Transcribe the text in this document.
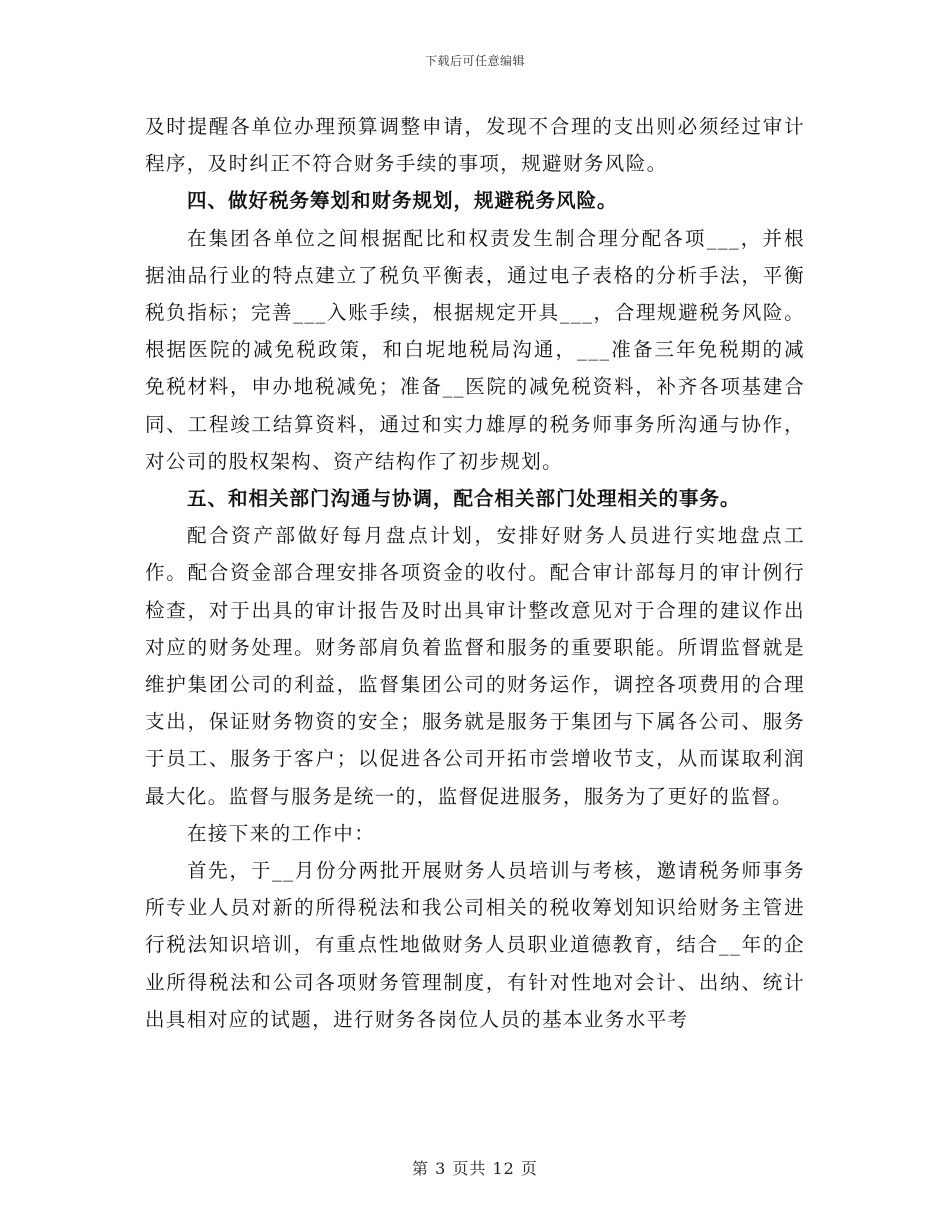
下载后可任意编辑

及时提醒各单位办理预算调整申请，发现不合理的支出则必须经过审计程序，及时纠正不符合财务手续的事项，规避财务风险。

四、做好税务筹划和财务规划，规避税务风险。

在集团各单位之间根据配比和权责发生制合理分配各项___，并根据油品行业的特点建立了税负平衡表，通过电子表格的分析手法，平衡税负指标；完善___入账手续，根据规定开具___，合理规避税务风险。根据医院的减免税政策，和白坭地税局沟通，___准备三年免税期的减免税材料，申办地税减免；准备__医院的减免税资料，补齐各项基建合同、工程竣工结算资料，通过和实力雄厚的税务师事务所沟通与协作，对公司的股权架构、资产结构作了初步规划。

五、和相关部门沟通与协调，配合相关部门处理相关的事务。

配合资产部做好每月盘点计划，安排好财务人员进行实地盘点工作。配合资金部合理安排各项资金的收付。配合审计部每月的审计例行检查，对于出具的审计报告及时出具审计整改意见对于合理的建议作出对应的财务处理。财务部肩负着监督和服务的重要职能。所谓监督就是维护集团公司的利益，监督集团公司的财务运作，调控各项费用的合理支出，保证财务物资的安全；服务就是服务于集团与下属各公司、服务于员工、服务于客户；以促进各公司开拓市尝增收节支，从而谋取利润最大化。监督与服务是统一的，监督促进服务，服务为了更好的监督。

在接下来的工作中：

首先，于__月份分两批开展财务人员培训与考核，邀请税务师事务所专业人员对新的所得税法和我公司相关的税收筹划知识给财务主管进行税法知识培训，有重点性地做财务人员职业道德教育，结合__年的企业所得税法和公司各项财务管理制度，有针对性地对会计、出纳、统计出具相对应的试题，进行财务各岗位人员的基本业务水平考

第 3 页共 12 页
